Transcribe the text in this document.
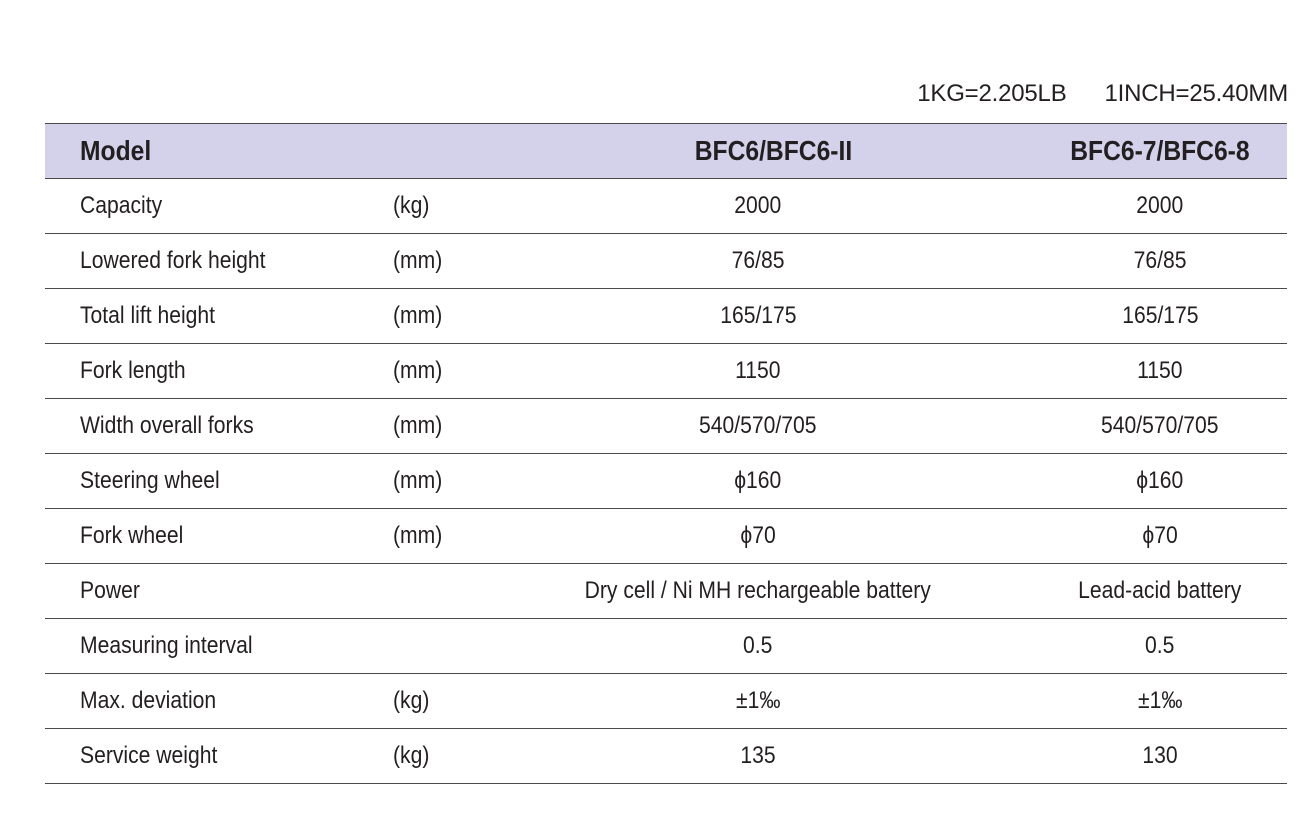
1KG=2.205LB 1INCH=25.40MM
Model		BFC6/BFC6-II	BFC6-7/BFC6-8
Capacity	(kg)	2000	2000
Lowered fork height	(mm)	76/85	76/85
Total lift height	(mm)	165/175	165/175
Fork length	(mm)	1150	1150
Width overall forks	(mm)	540/570/705	540/570/705
Steering wheel	(mm)	ϕ160	ϕ160
Fork wheel	(mm)	ϕ70	ϕ70
Power		Dry cell / Ni MH rechargeable battery	Lead-acid battery
Measuring interval		0.5	0.5
Max. deviation	(kg)	±1‰	±1‰
Service weight	(kg)	135	130
